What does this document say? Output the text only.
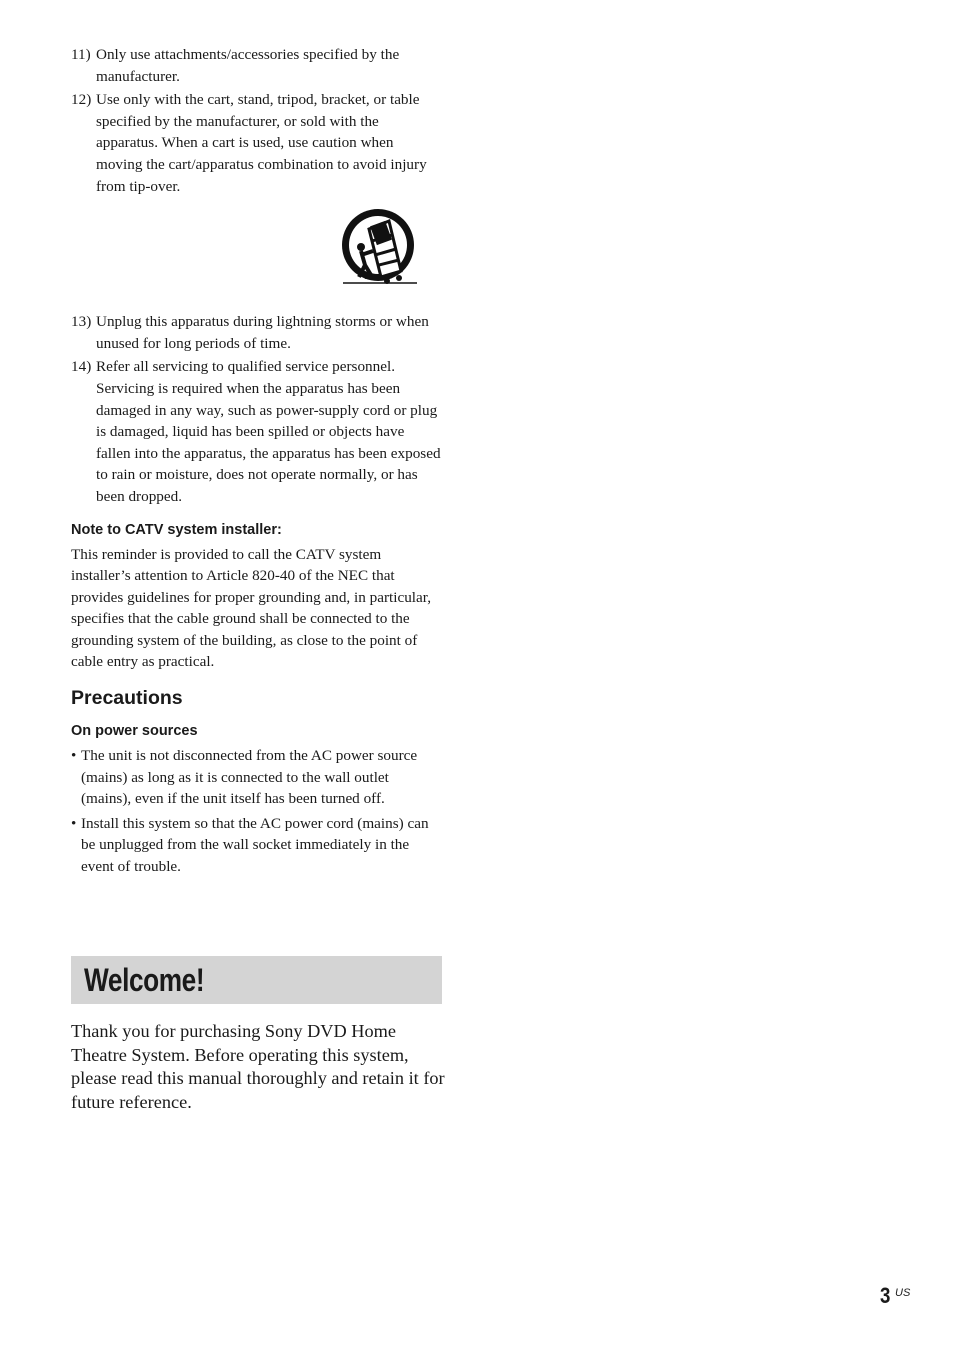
11) Only use attachments/accessories specified by the manufacturer.
12) Use only with the cart, stand, tripod, bracket, or table specified by the manufacturer, or sold with the apparatus. When a cart is used, use caution when moving the cart/apparatus combination to avoid injury from tip-over.
13) Unplug this apparatus during lightning storms or when unused for long periods of time.
14) Refer all servicing to qualified service personnel. Servicing is required when the apparatus has been damaged in any way, such as power-supply cord or plug is damaged, liquid has been spilled or objects have fallen into the apparatus, the apparatus has been exposed to rain or moisture, does not operate normally, or has been dropped.
Note to CATV system installer:

This reminder is provided to call the CATV system installer’s attention to Article 820-40 of the NEC that provides guidelines for proper grounding and, in particular, specifies that the cable ground shall be connected to the grounding system of the building, as close to the point of cable entry as practical.

Precautions
On power sources
• The unit is not disconnected from the AC power source (mains) as long as it is connected to the wall outlet (mains), even if the unit itself has been turned off.
• Install this system so that the AC power cord (mains) can be unplugged from the wall socket immediately in the event of trouble.
Welcome!

Thank you for purchasing Sony DVD Home Theatre System. Before operating this system, please read this manual thoroughly and retain it for future reference.

3 US
